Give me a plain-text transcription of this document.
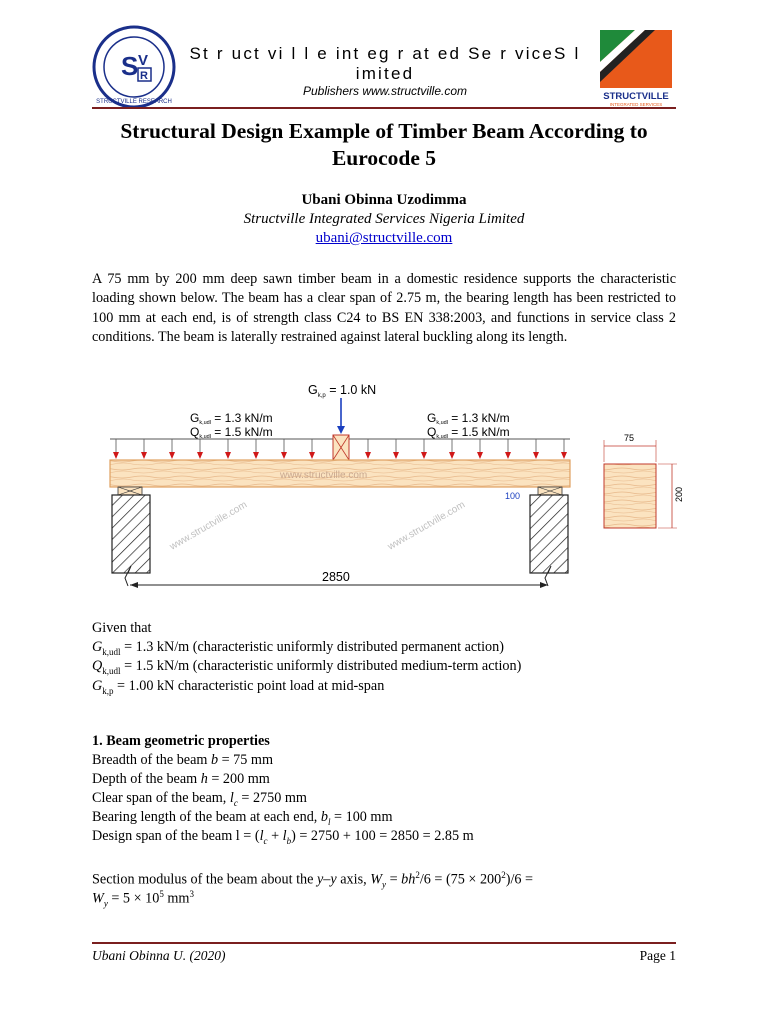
S V
R
STRUCTVILLE RESEARCH
St r uct vi l l e int eg r at ed Se r viceS l
imited
Publishers www.structville.com	STRUCTVILLE
INTEGRATED SERVICES
Structural Design Example of Timber Beam According to Eurocode 5
Ubani Obinna Uzodimma
Structville Integrated Services Nigeria Limited
ubani@structville.com
A 75 mm by 200 mm deep sawn timber beam in a domestic residence supports the characteristic loading shown below. The beam has a clear span of 2.75 m, the bearing length has been restricted to 100 mm at each end, is of strength class C24 to BS EN 338:2003, and functions in service class 2 conditions. The beam is laterally restrained against lateral buckling along its length.
$G_{k,p} = 1.0$ kN
Gk,udl = 1.3 kN/m
Qk,udl = 1.5 kN/m
Gk,udl = 1.3 kN/m
Qk,udl = 1.5 kN/m
www.structville.com
100
www.structville.com	www.structville.com
2850
75
200
Given that
$G_{k,udl} = 1.3$ kN/m (characteristic uniformly distributed permanent action)
$Q_{k,udl} = 1.5$ kN/m (characteristic uniformly distributed medium-term action)
$G_{k,p} = 1.00$ kN characteristic point load at mid-span
1. Beam geometric properties
Breadth of the beam b = 75 mm
Depth of the beam h = 200 mm
Clear span of the beam, $l_c = 2750$ mm
Bearing length of the beam at each end, $b_l = 100$ mm
Design span of the beam $l = (l_c + l_b) = 2750 + 100 = 2850 = 2.85$ m
Section modulus of the beam about the y–y axis, $W_y = bh^2/6 = (75 \times 200^2)/6$ =
$W_y = 5 \times 10^5$ $mm^3$
Ubani Obinna U. (2020)	Page 1
